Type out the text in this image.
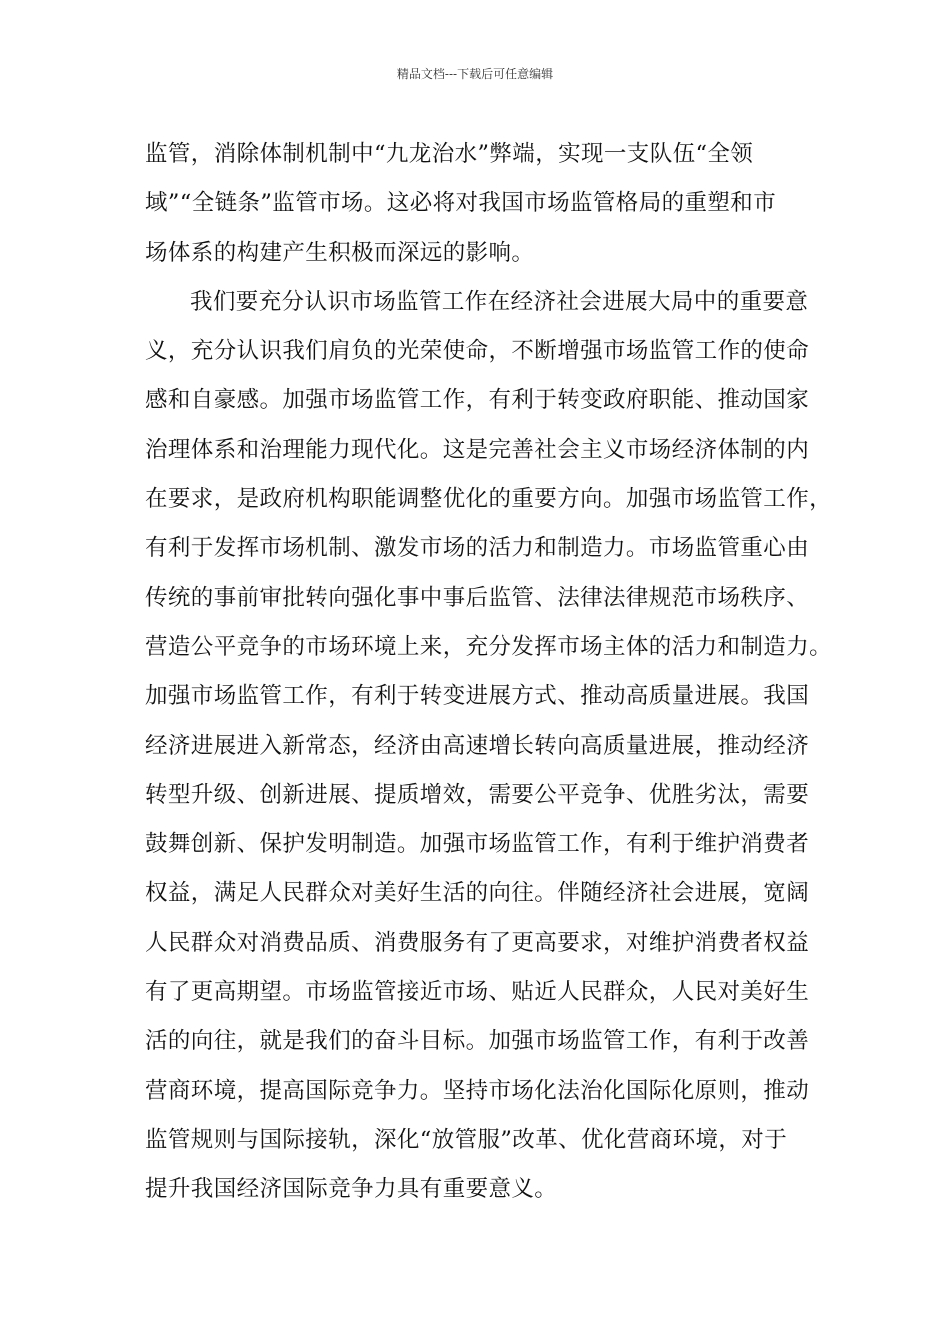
精品文档---下载后可任意编辑
监管，消除体制机制中“九龙治水”弊端，实现一支队伍“全领
域”“全链条”监管市场。这必将对我国市场监管格局的重塑和市
场体系的构建产生积极而深远的影响。
我们要充分认识市场监管工作在经济社会进展大局中的重要意
义，充分认识我们肩负的光荣使命，不断增强市场监管工作的使命
感和自豪感。加强市场监管工作，有利于转变政府职能、推动国家
治理体系和治理能力现代化。这是完善社会主义市场经济体制的内
在要求，是政府机构职能调整优化的重要方向。加强市场监管工作，
有利于发挥市场机制、激发市场的活力和制造力。市场监管重心由
传统的事前审批转向强化事中事后监管、法律法律规范市场秩序、
营造公平竞争的市场环境上来，充分发挥市场主体的活力和制造力。
加强市场监管工作，有利于转变进展方式、推动高质量进展。我国
经济进展进入新常态，经济由高速增长转向高质量进展，推动经济
转型升级、创新进展、提质增效，需要公平竞争、优胜劣汰，需要
鼓舞创新、保护发明制造。加强市场监管工作，有利于维护消费者
权益，满足人民群众对美好生活的向往。伴随经济社会进展，宽阔
人民群众对消费品质、消费服务有了更高要求，对维护消费者权益
有了更高期望。市场监管接近市场、贴近人民群众，人民对美好生
活的向往，就是我们的奋斗目标。加强市场监管工作，有利于改善
营商环境，提高国际竞争力。坚持市场化法治化国际化原则，推动
监管规则与国际接轨，深化“放管服”改革、优化营商环境，对于
提升我国经济国际竞争力具有重要意义。
